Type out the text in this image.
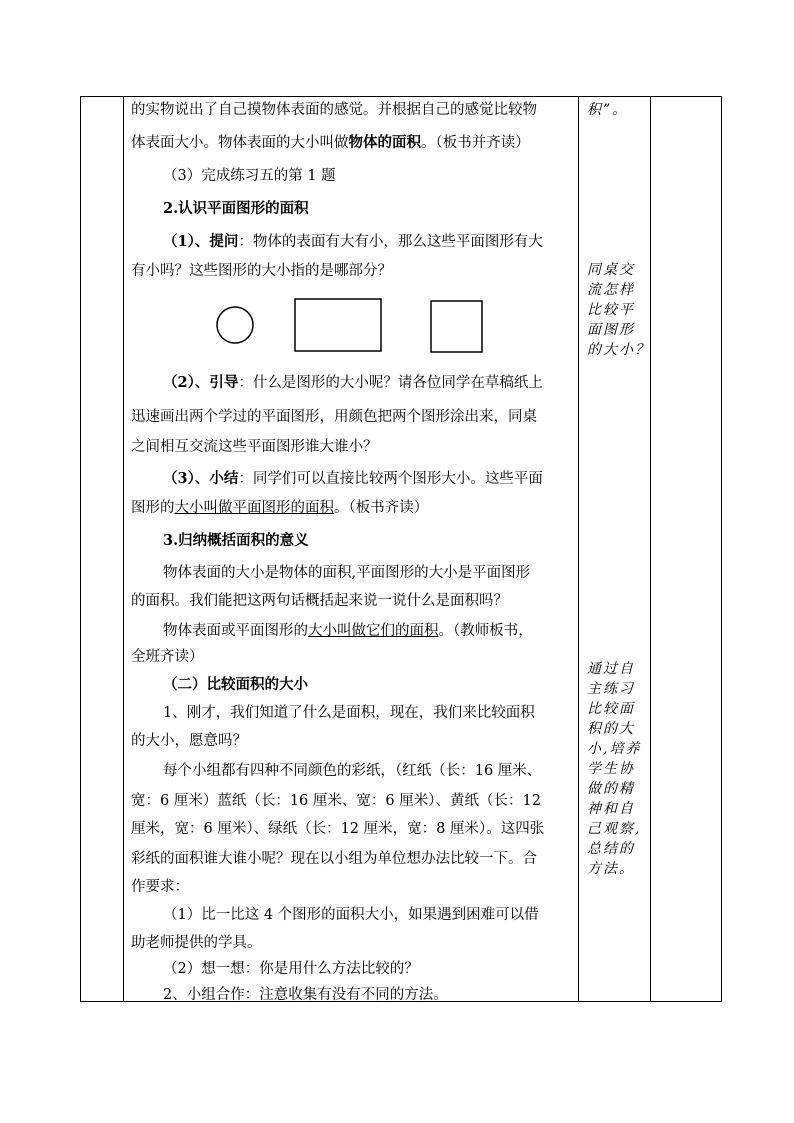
的实物说出了自己摸物体表面的感觉。并根据自己的感觉比较物
体表面大小。物体表面的大小叫做物体的面积。（板书并齐读）
（3）完成练习五的第 1 题
2.认识平面图形的面积
（1）、提问：物体的表面有大有小，那么这些平面图形有大
有小吗？这些图形的大小指的是哪部分？
（2）、引导：什么是图形的大小呢？请各位同学在草稿纸上
迅速画出两个学过的平面图形，用颜色把两个图形涂出来，同桌
之间相互交流这些平面图形谁大谁小？
（3）、小结：同学们可以直接比较两个图形大小。这些平面
图形的大小叫做平面图形的面积。（板书齐读）
3.归纳概括面积的意义
物体表面的大小是物体的面积,平面图形的大小是平面图形
的面积。我们能把这两句话概括起来说一说什么是面积吗？
物体表面或平面图形的大小叫做它们的面积。（教师板书，
全班齐读）
（二）比较面积的大小
1、刚才，我们知道了什么是面积，现在，我们来比较面积
的大小，愿意吗？
每个小组都有四种不同颜色的彩纸，（红纸（长：16 厘米、
宽：6 厘米）蓝纸（长：16 厘米、宽：6 厘米）、黄纸（长：12
厘米，宽：6 厘米）、绿纸（长：12 厘米，宽：8 厘米）。这四张
彩纸的面积谁大谁小呢？现在以小组为单位想办法比较一下。合
作要求：
（1）比一比这 4 个图形的面积大小，如果遇到困难可以借
助老师提供的学具。
（2）想一想：你是用什么方法比较的？
2、小组合作：注意收集有没有不同的方法。
积”。
同桌交
流怎样
比较平
面图形
的大小？
通过自
主练习
比较面
积的大
小,培养
学生协
做的精
神和自
己观察,
总结的
方法。
